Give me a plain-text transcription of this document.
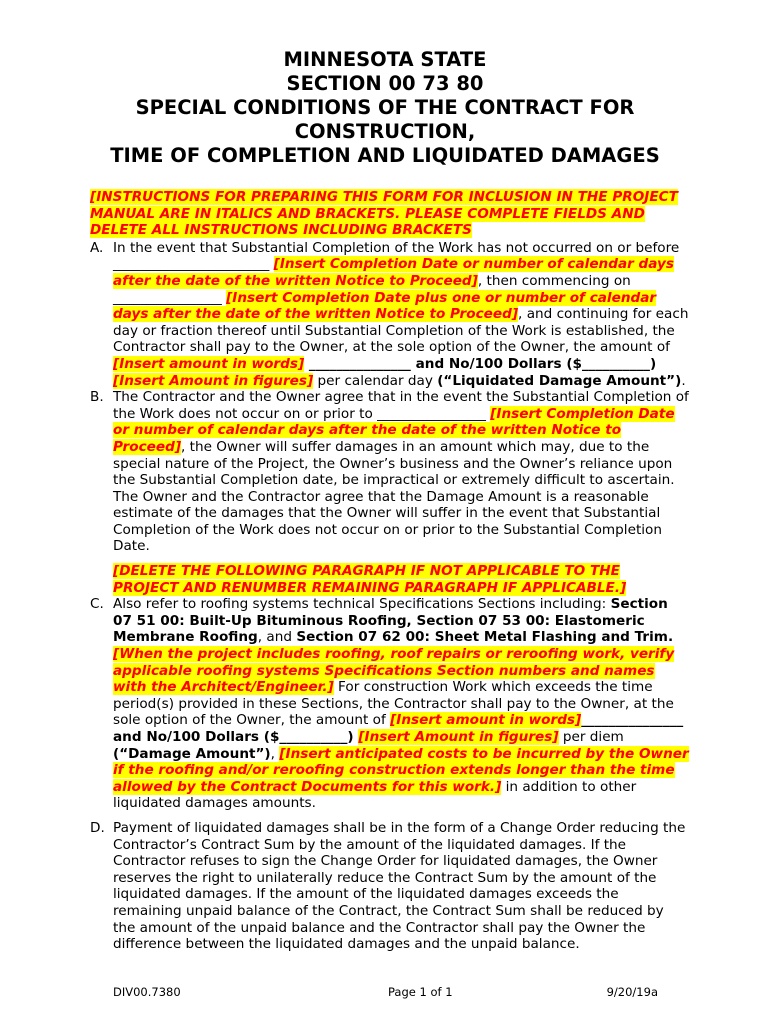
MINNESOTA STATE
SECTION 00 73 80
SPECIAL CONDITIONS OF THE CONTRACT FOR
CONSTRUCTION,
TIME OF COMPLETION AND LIQUIDATED DAMAGES
[INSTRUCTIONS FOR PREPARING THIS FORM FOR INCLUSION IN THE PROJECT MANUAL ARE IN ITALICS AND BRACKETS. PLEASE COMPLETE FIELDS AND DELETE ALL INSTRUCTIONS INCLUDING BRACKETS
A. In the event that Substantial Completion of the Work has not occurred on or before _______________________ [Insert Completion Date or number of calendar days after the date of the written Notice to Proceed], then commencing on ________________ [Insert Completion Date plus one or number of calendar days after the date of the written Notice to Proceed], and continuing for each day or fraction thereof until Substantial Completion of the Work is established, the Contractor shall pay to the Owner, at the sole option of the Owner, the amount of [Insert amount in words] _______________ and No/100 Dollars ($__________) [Insert Amount in figures] per calendar day (“Liquidated Damage Amount”).
B. The Contractor and the Owner agree that in the event the Substantial Completion of the Work does not occur on or prior to ________________ [Insert Completion Date or number of calendar days after the date of the written Notice to Proceed], the Owner will suffer damages in an amount which may, due to the special nature of the Project, the Owner’s business and the Owner’s reliance upon the Substantial Completion date, be impractical or extremely difficult to ascertain. The Owner and the Contractor agree that the Damage Amount is a reasonable estimate of the damages that the Owner will suffer in the event that Substantial Completion of the Work does not occur on or prior to the Substantial Completion Date.
[DELETE THE FOLLOWING PARAGRAPH IF NOT APPLICABLE TO THE PROJECT AND RENUMBER REMAINING PARAGRAPH IF APPLICABLE.]
C. Also refer to roofing systems technical Specifications Sections including: Section 07 51 00: Built-Up Bituminous Roofing, Section 07 53 00: Elastomeric Membrane Roofing, and Section 07 62 00: Sheet Metal Flashing and Trim. [When the project includes roofing, roof repairs or reroofing work, verify applicable roofing systems Specifications Section numbers and names with the Architect/Engineer.] For construction Work which exceeds the time period(s) provided in these Sections, the Contractor shall pay to the Owner, at the sole option of the Owner, the amount of [Insert amount in words]_______________ and No/100 Dollars ($__________) [Insert Amount in figures] per diem (“Damage Amount”), [Insert anticipated costs to be incurred by the Owner if the roofing and/or reroofing construction extends longer than the time allowed by the Contract Documents for this work.] in addition to other liquidated damages amounts.
D. Payment of liquidated damages shall be in the form of a Change Order reducing the Contractor’s Contract Sum by the amount of the liquidated damages. If the Contractor refuses to sign the Change Order for liquidated damages, the Owner reserves the right to unilaterally reduce the Contract Sum by the amount of the liquidated damages. If the amount of the liquidated damages exceeds the remaining unpaid balance of the Contract, the Contract Sum shall be reduced by the amount of the unpaid balance and the Contractor shall pay the Owner the difference between the liquidated damages and the unpaid balance.
DIV00.7380	Page 1 of 1	9/20/19a
